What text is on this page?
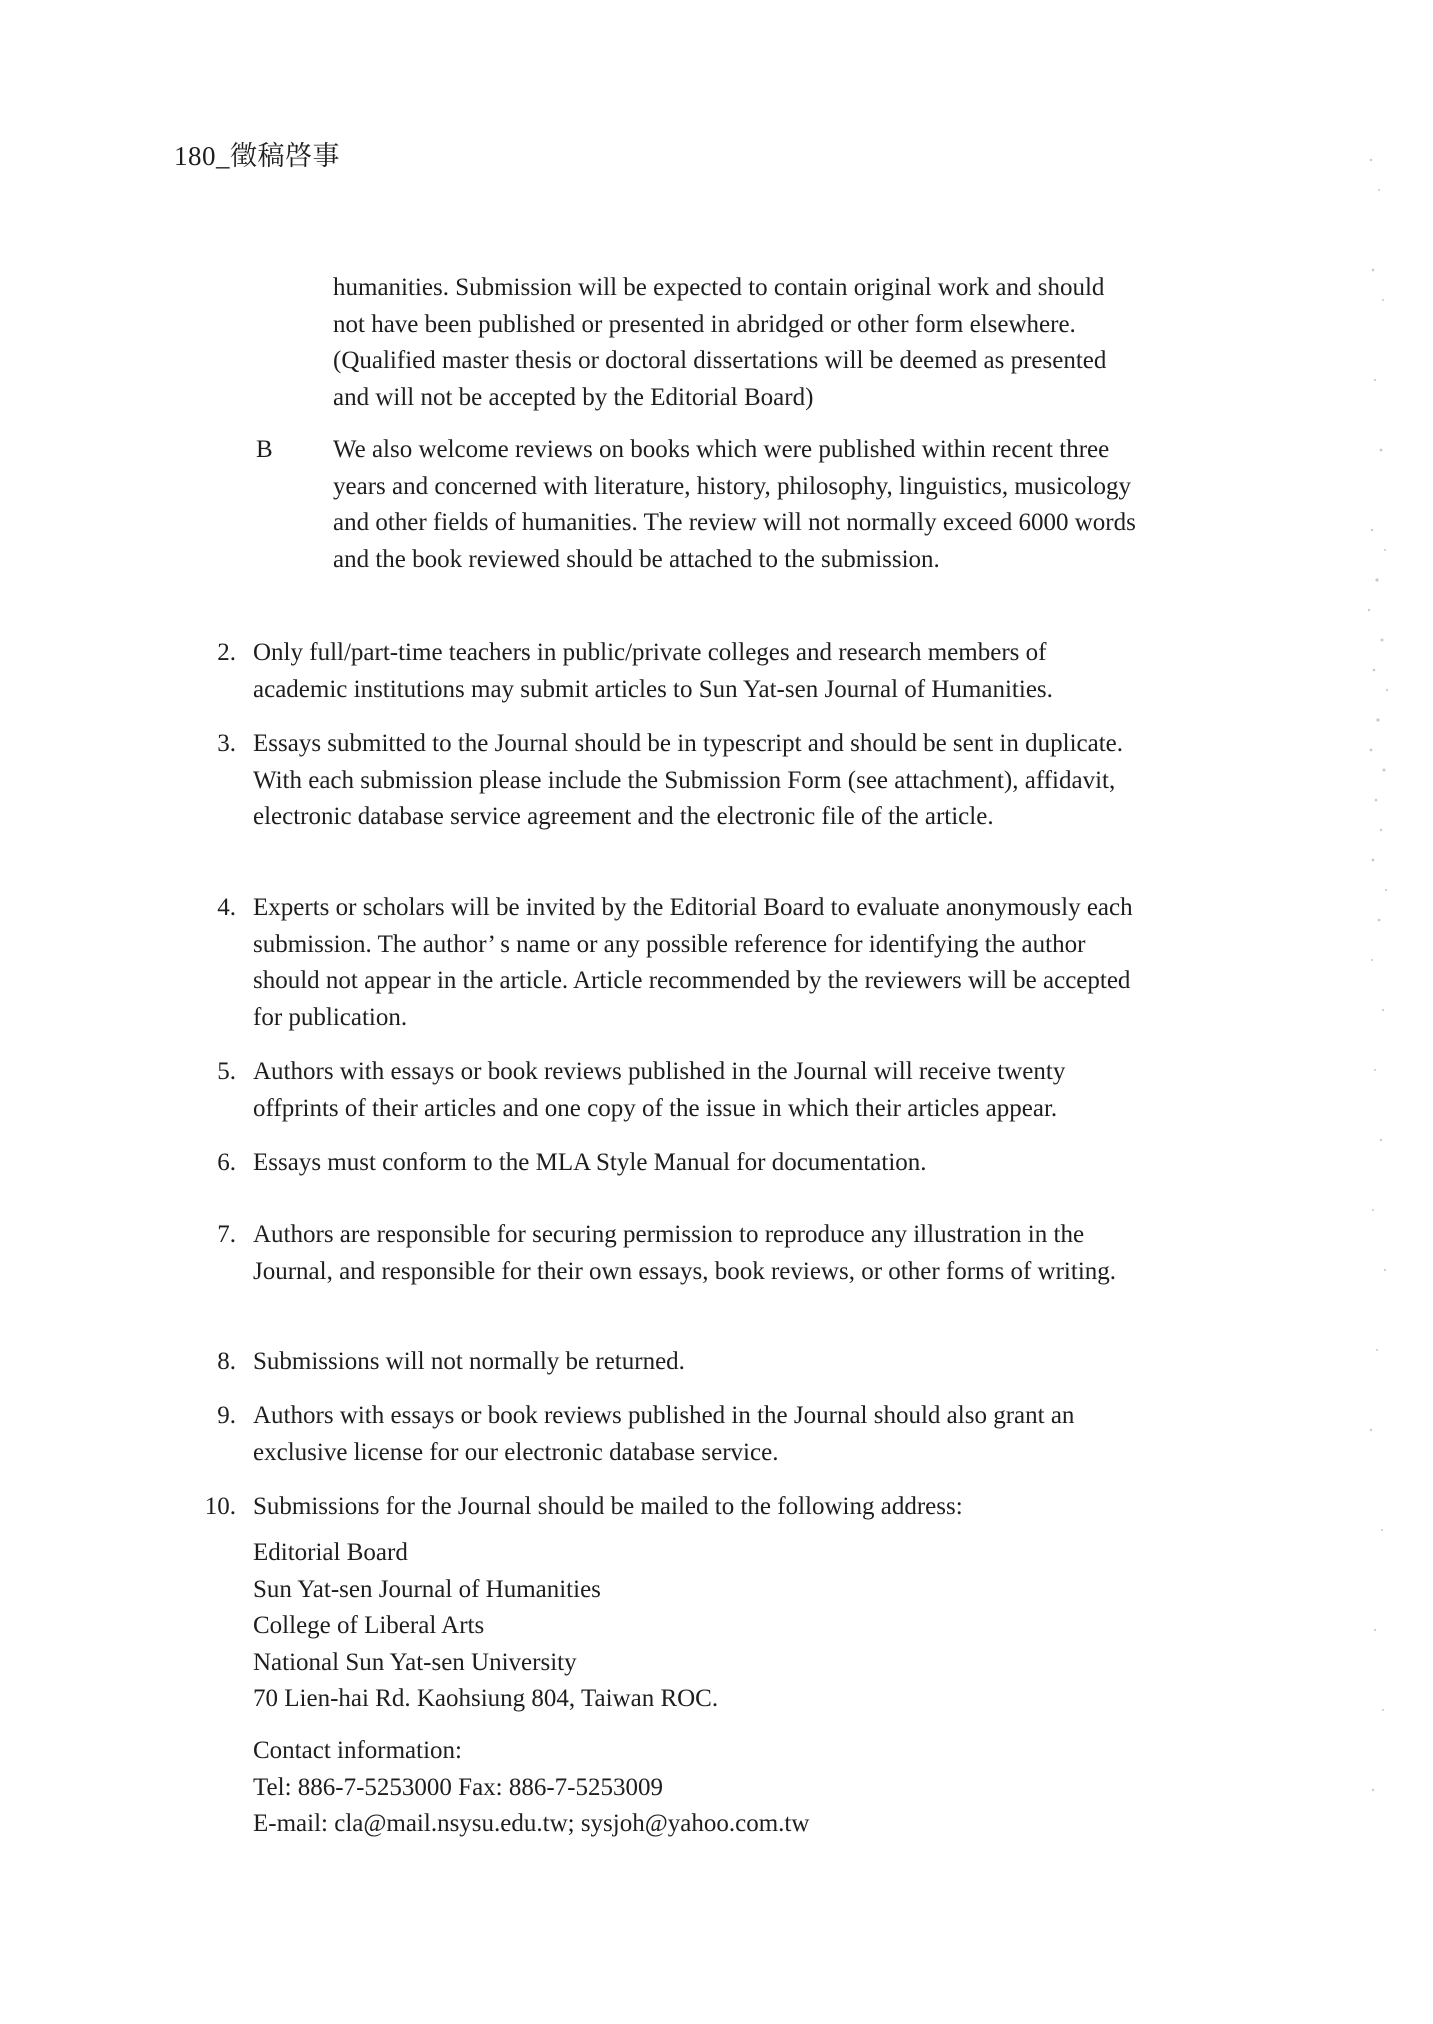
180_徵稿啓事

humanities. Submission will be expected to contain original work and should not have been published or presented in abridged or other form elsewhere. (Qualified master thesis or doctoral dissertations will be deemed as presented and will not be accepted by the Editorial Board)

B We also welcome reviews on books which were published within recent three years and concerned with literature, history, philosophy, linguistics, musicology and other fields of humanities. The review will not normally exceed 6000 words and the book reviewed should be attached to the submission.

2. Only full/part-time teachers in public/private colleges and research members of academic institutions may submit articles to Sun Yat-sen Journal of Humanities.

3. Essays submitted to the Journal should be in typescript and should be sent in duplicate. With each submission please include the Submission Form (see attachment), affidavit, electronic database service agreement and the electronic file of the article.

4. Experts or scholars will be invited by the Editorial Board to evaluate anonymously each submission. The author’ s name or any possible reference for identifying the author should not appear in the article. Article recommended by the reviewers will be accepted for publication.

5. Authors with essays or book reviews published in the Journal will receive twenty offprints of their articles and one copy of the issue in which their articles appear.

6. Essays must conform to the MLA Style Manual for documentation.

7. Authors are responsible for securing permission to reproduce any illustration in the Journal, and responsible for their own essays, book reviews, or other forms of writing.

8. Submissions will not normally be returned.

9. Authors with essays or book reviews published in the Journal should also grant an exclusive license for our electronic database service.

10. Submissions for the Journal should be mailed to the following address:

Editorial Board
Sun Yat-sen Journal of Humanities
College of Liberal Arts
National Sun Yat-sen University
70 Lien-hai Rd. Kaohsiung 804, Taiwan ROC.
Contact information:
Tel: 886-7-5253000 Fax: 886-7-5253009
E-mail: cla@mail.nsysu.edu.tw; sysjoh@yahoo.com.tw
